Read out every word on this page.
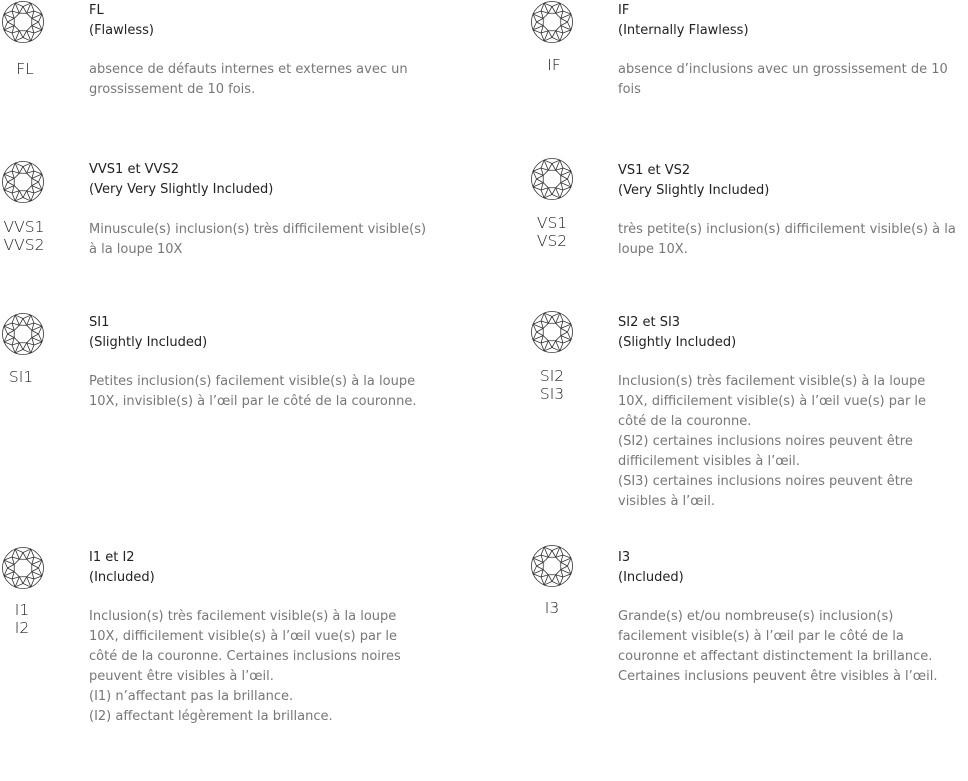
FL
FL
(Flawless)
absence de défauts internes et externes avec un
grossissement de 10 fois.
IF
IF
(Internally Flawless)
absence d’inclusions avec un grossissement de 10
fois
VVS1
VVS2
VVS1 et VVS2
(Very Very Slightly Included)
Minuscule(s) inclusion(s) très difficilement visible(s)
à la loupe 10X
VS1
VS2
VS1 et VS2
(Very Slightly Included)
très petite(s) inclusion(s) difficilement visible(s) à la
loupe 10X.
SI1
SI1
(Slightly Included)
Petites inclusion(s) facilement visible(s) à la loupe
10X, invisible(s) à l’œil par le côté de la couronne.
SI2
SI3
SI2 et SI3
(Slightly Included)
Inclusion(s) très facilement visible(s) à la loupe
10X, difficilement visible(s) à l’œil vue(s) par le
côté de la couronne.
(SI2) certaines inclusions noires peuvent être
difficilement visibles à l’œil.
(SI3) certaines inclusions noires peuvent être
visibles à l’œil.
I1
I2
I1 et I2
(Included)
Inclusion(s) très facilement visible(s) à la loupe
10X, difficilement visible(s) à l’œil vue(s) par le
côté de la couronne. Certaines inclusions noires
peuvent être visibles à l’œil.
(I1) n’affectant pas la brillance.
(I2) affectant légèrement la brillance.
I3
I3
(Included)
Grande(s) et/ou nombreuse(s) inclusion(s)
facilement visible(s) à l’œil par le côté de la
couronne et affectant distinctement la brillance.
Certaines inclusions peuvent être visibles à l’œil.
